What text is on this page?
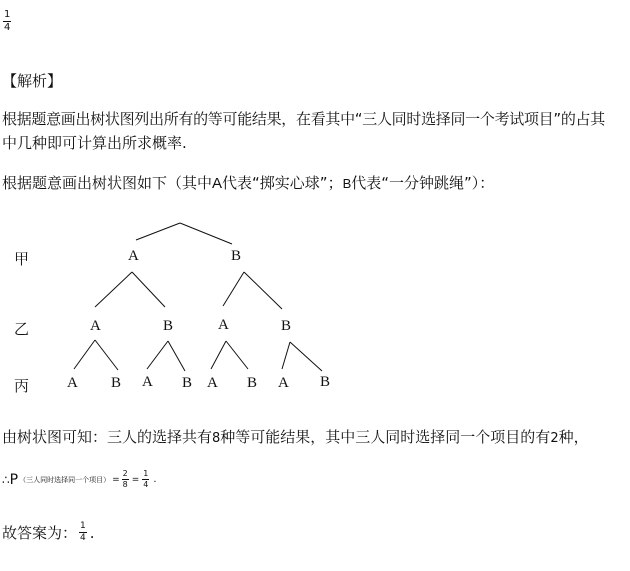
$\frac{1}{4}$
【解析】
根据题意画出树状图列出所有的等可能结果，在看其中“三人同时选择同一个考试项目”的占其
中几种即可计算出所求概率.
根据题意画出树状图如下（其中A代表“掷实心球”；B代表“一分钟跳绳”）：
甲
乙
丙
A	B
A	B	A	B
A B A B A B A B
由树状图可知：三人的选择共有8种等可能结果，其中三人同时选择同一个项目的有2种，
∴ P （三人同时选择同一个项目） = $\frac{2}{8} = \frac{1}{4}$ .
故答案为： $\frac{1}{4}$ .
